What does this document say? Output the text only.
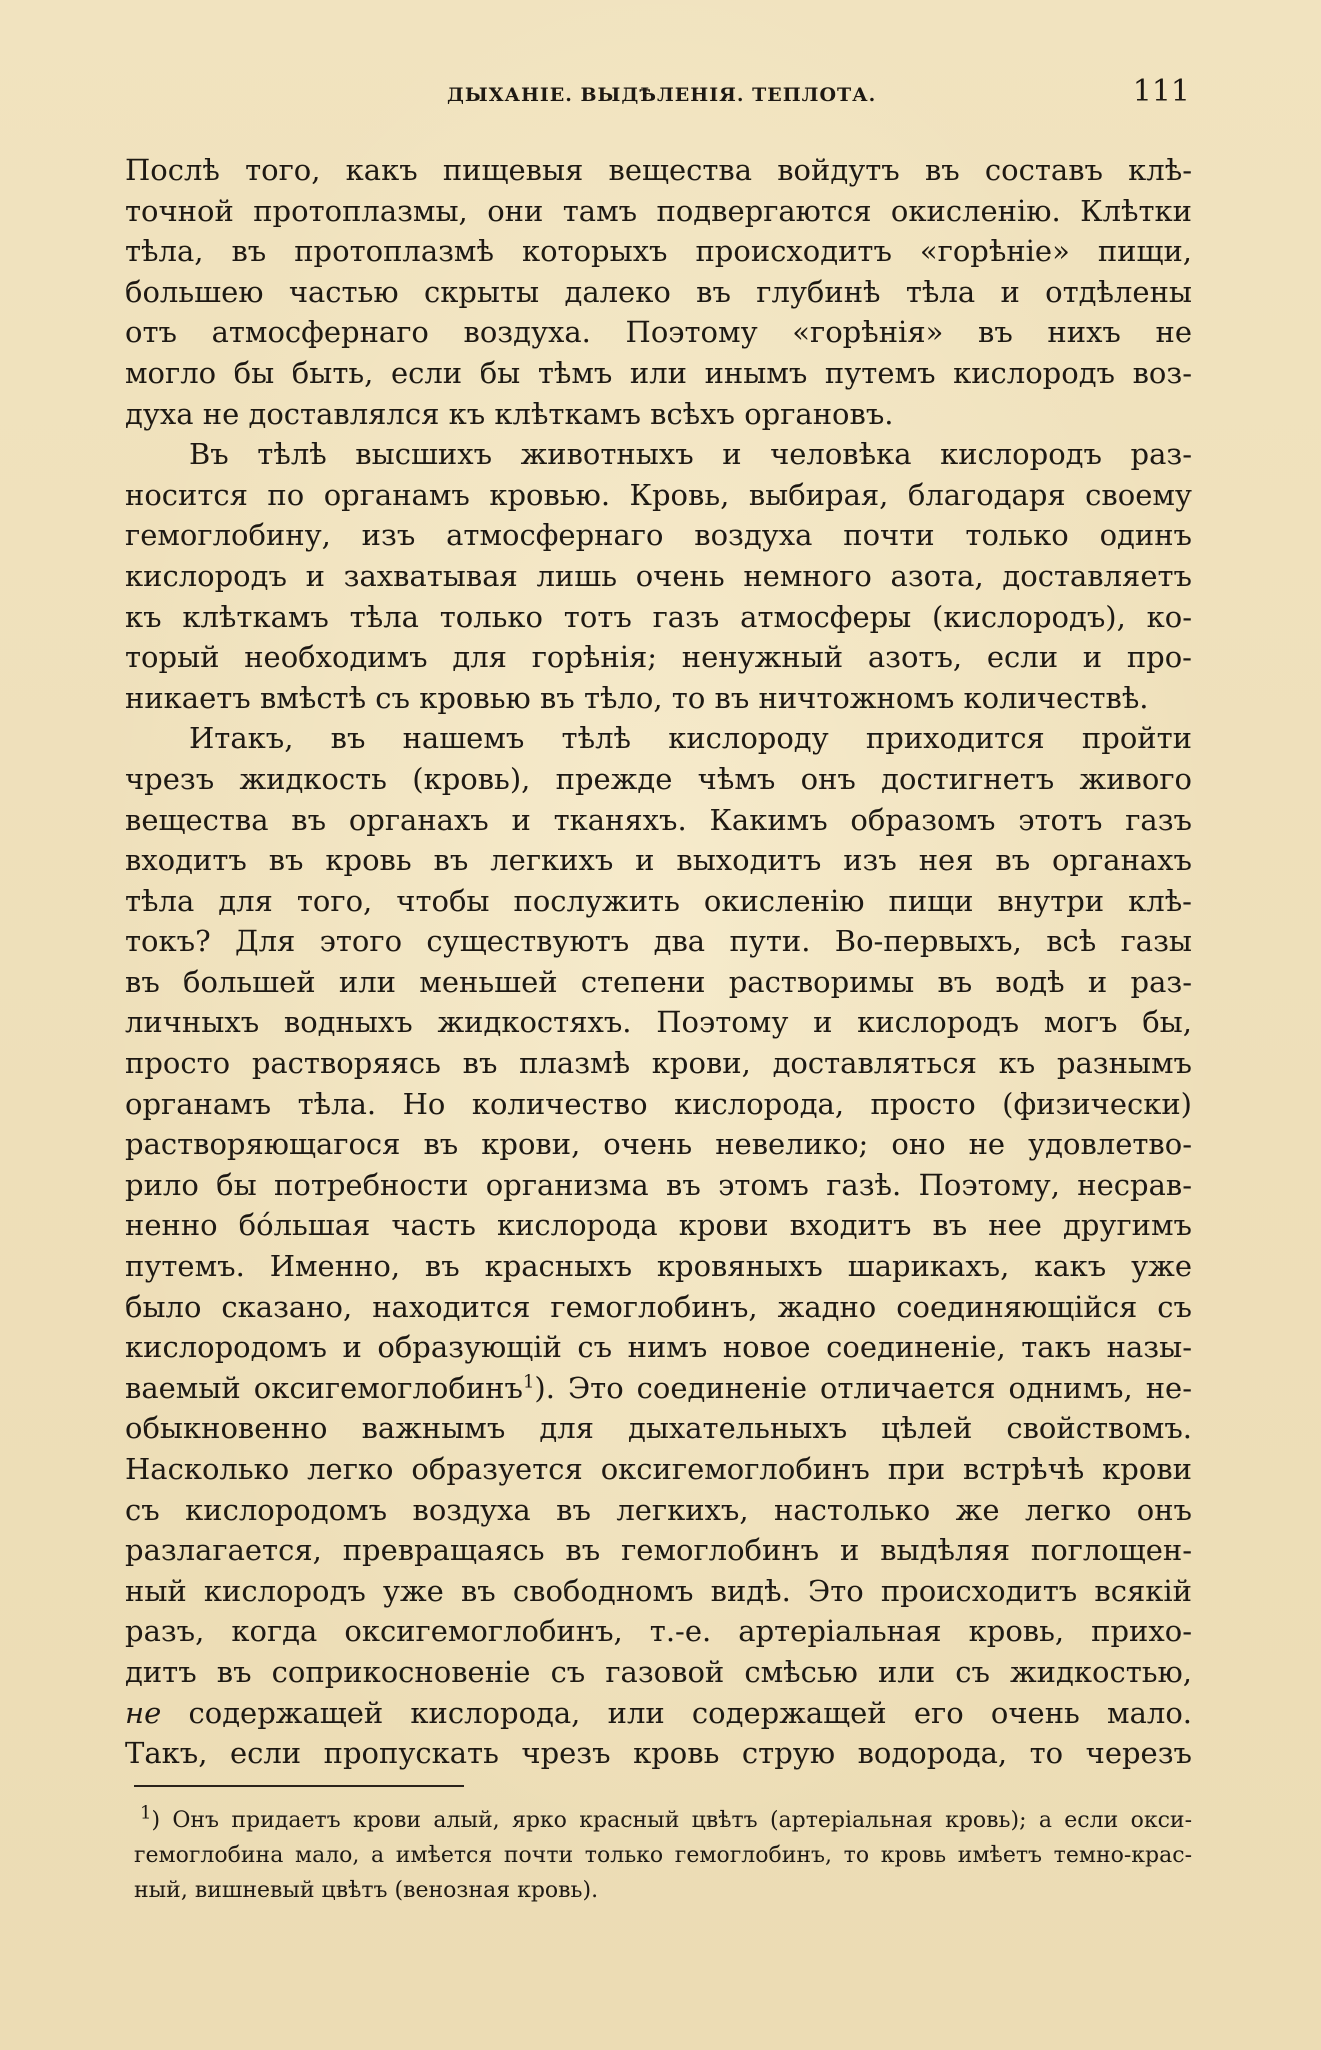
ДЫХАНІЕ. ВЫДѢЛЕНІЯ. ТЕПЛОТА.	111
Послѣ того, какъ пищевыя вещества войдутъ въ составъ клѣ-
точной протоплазмы, они тамъ подвергаются окисленію. Клѣтки
тѣла, въ протоплазмѣ которыхъ происходитъ «горѣніе» пищи,
большею частью скрыты далеко въ глубинѣ тѣла и отдѣлены
отъ атмосфернаго воздуха. Поэтому «горѣнія» въ нихъ не
могло бы быть, если бы тѣмъ или инымъ путемъ кислородъ воз-
духа не доставлялся къ клѣткамъ всѣхъ органовъ.
Въ тѣлѣ высшихъ животныхъ и человѣка кислородъ раз-
носится по органамъ кровью. Кровь, выбирая, благодаря своему
гемоглобину, изъ атмосфернаго воздуха почти только одинъ
кислородъ и захватывая лишь очень немного азота, доставляетъ
къ клѣткамъ тѣла только тотъ газъ атмосферы (кислородъ), ко-
торый необходимъ для горѣнія; ненужный азотъ, если и про-
никаетъ вмѣстѣ съ кровью въ тѣло, то въ ничтожномъ количествѣ.
Итакъ, въ нашемъ тѣлѣ кислороду приходится пройти
чрезъ жидкость (кровь), прежде чѣмъ онъ достигнетъ живого
вещества въ органахъ и тканяхъ. Какимъ образомъ этотъ газъ
входитъ въ кровь въ легкихъ и выходитъ изъ нея въ органахъ
тѣла для того, чтобы послужить окисленію пищи внутри клѣ-
токъ? Для этого существуютъ два пути. Во-первыхъ, всѣ газы
въ большей или меньшей степени растворимы въ водѣ и раз-
личныхъ водныхъ жидкостяхъ. Поэтому и кислородъ могъ бы,
просто растворяясь въ плазмѣ крови, доставляться къ разнымъ
органамъ тѣла. Но количество кислорода, просто (физически)
растворяющагося въ крови, очень невелико; оно не удовлетво-
рило бы потребности организма въ этомъ газѣ. Поэтому, несрав-
ненно бо́льшая часть кислорода крови входитъ въ нее другимъ
путемъ. Именно, въ красныхъ кровяныхъ шарикахъ, какъ уже
было сказано, находится гемоглобинъ, жадно соединяющійся съ
кислородомъ и образующій съ нимъ новое соединеніе, такъ назы-
ваемый оксигемоглобинъ$^1$). Это соединеніе отличается однимъ, не-
обыкновенно важнымъ для дыхательныхъ цѣлей свойствомъ.
Насколько легко образуется оксигемоглобинъ при встрѣчѣ крови
съ кислородомъ воздуха въ легкихъ, настолько же легко онъ
разлагается, превращаясь въ гемоглобинъ и выдѣляя поглощен-
ный кислородъ уже въ свободномъ видѣ. Это происходитъ всякій
разъ, когда оксигемоглобинъ, т.-е. артеріальная кровь, прихо-
дитъ въ соприкосновеніе съ газовой смѣсью или съ жидкостью,
не содержащей кислорода, или содержащей его очень мало.
Такъ, если пропускать чрезъ кровь струю водорода, то черезъ
$^1$) Онъ придаетъ крови алый, ярко красный цвѣтъ (артеріальная кровь); а если окси-
гемоглобина мало, а имѣется почти только гемоглобинъ, то кровь имѣетъ темно-крас-
ный, вишневый цвѣтъ (венозная кровь).
